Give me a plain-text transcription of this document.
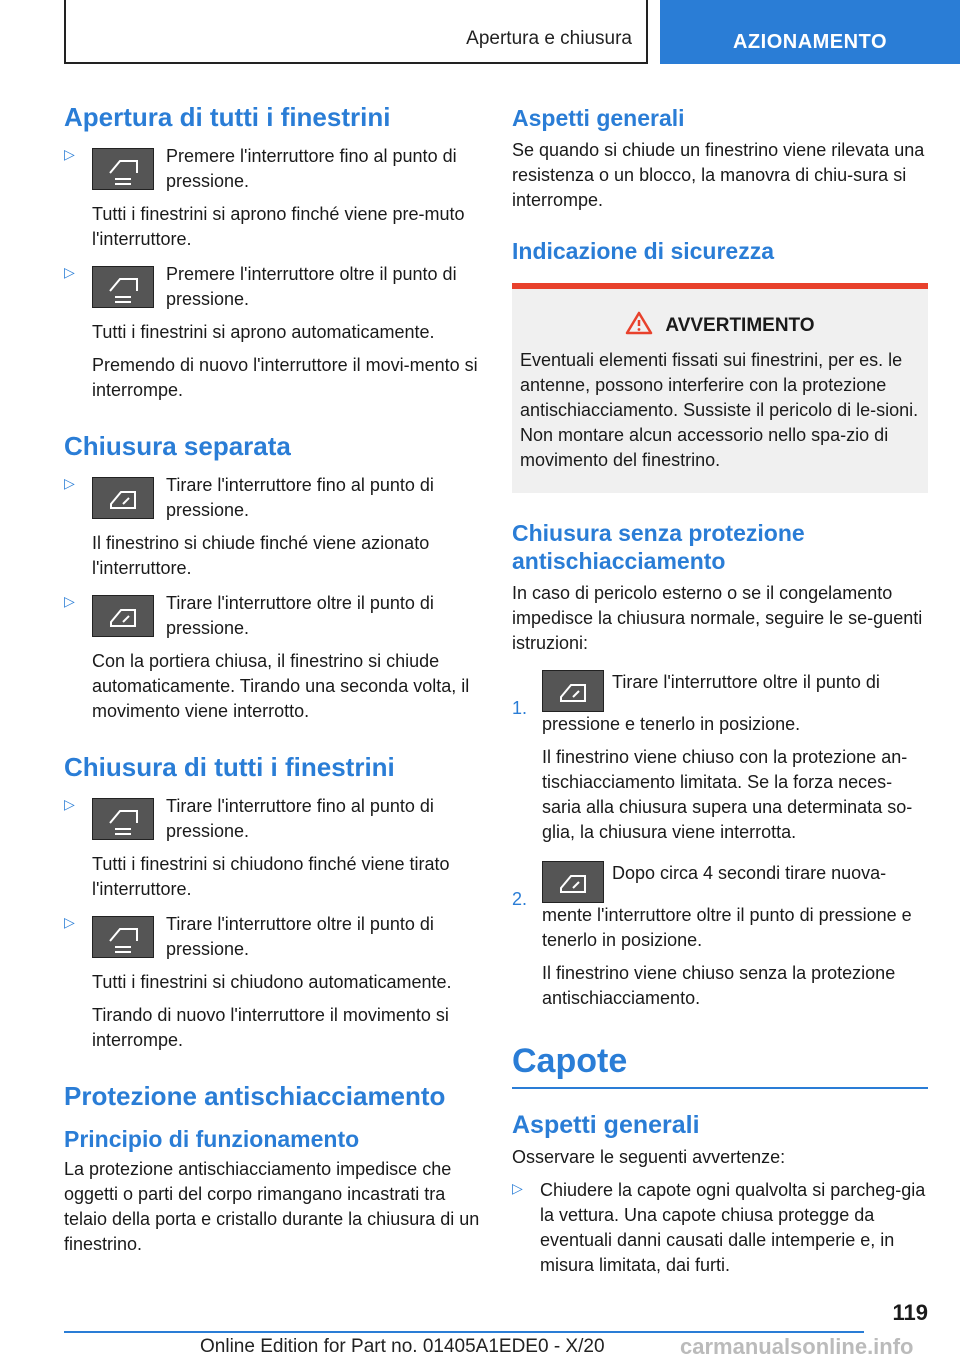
Apertura e chiusura	AZIONAMENTO
Apertura di tutti i finestrini
▷	Premere l'interruttore fino al punto di pressione.

Tutti i finestrini si aprono finché viene pre-muto l'interruttore.

▷	Premere l'interruttore oltre il punto di pressione.

Tutti i finestrini si aprono automaticamente.

Premendo di nuovo l'interruttore il movi-mento si interrompe.

Chiusura separata
▷	Tirare l'interruttore fino al punto di pressione.

Il finestrino si chiude finché viene azionato l'interruttore.

▷	Tirare l'interruttore oltre il punto di pressione.

Con la portiera chiusa, il finestrino si chiude automaticamente. Tirando una seconda volta, il movimento viene interrotto.

Chiusura di tutti i finestrini
▷	Tirare l'interruttore fino al punto di pressione.

Tutti i finestrini si chiudono finché viene tirato l'interruttore.

▷	Tirare l'interruttore oltre il punto di pressione.

Tutti i finestrini si chiudono automaticamente.

Tirando di nuovo l'interruttore il movimento si interrompe.

Protezione antischiacciamento
Principio di funzionamento

La protezione antischiacciamento impedisce che oggetti o parti del corpo rimangano incastrati tra telaio della porta e cristallo durante la chiusura di un finestrino.

Aspetti generali

Se quando si chiude un finestrino viene rilevata una resistenza o un blocco, la manovra di chiu-sura si interrompe.

Indicazione di sicurezza
AVVERTIMENTO

Eventuali elementi fissati sui finestrini, per es. le antenne, possono interferire con la protezione antischiacciamento. Sussiste il pericolo di le-sioni. Non montare alcun accessorio nello spa-zio di movimento del finestrino.

Chiusura senza protezione antischiacciamento

In caso di pericolo esterno o se il congelamento impedisce la chiusura normale, seguire le se-guenti istruzioni:

1.

Tirare l'interruttore oltre il punto di pressione e tenerlo in posizione.

Il finestrino viene chiuso con la protezione an-tischiacciamento limitata. Se la forza neces-saria alla chiusura supera una determinata so-glia, la chiusura viene interrotta.

2.

Dopo circa 4 secondi tirare nuova-mente l'interruttore oltre il punto di pressione e tenerlo in posizione.

Il finestrino viene chiuso senza la protezione antischiacciamento.

Capote
Aspetti generali

Osservare le seguenti avvertenze:

▷ Chiudere la capote ogni qualvolta si parcheg-gia la vettura. Una capote chiusa protegge da eventuali danni causati dalle intemperie e, in misura limitata, dai furti.

119
Online Edition for Part no. 01405A1EDE0 - X/20	carmanualsonline.info
